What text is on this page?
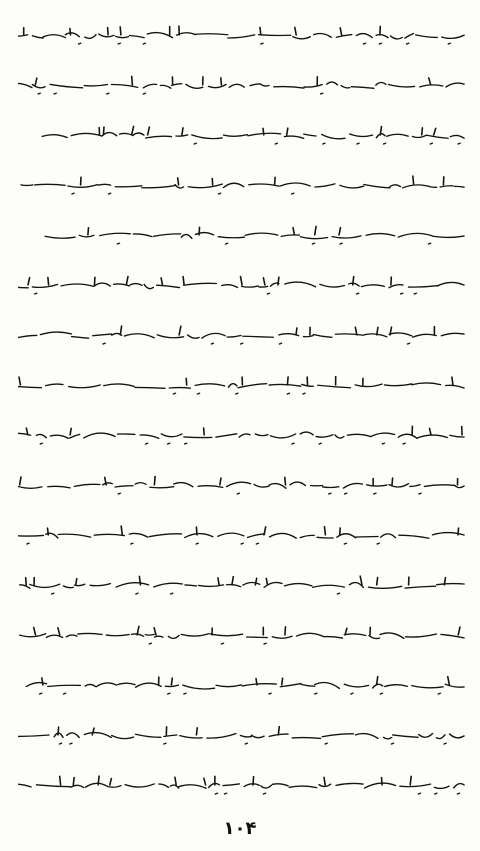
۱۰۴
